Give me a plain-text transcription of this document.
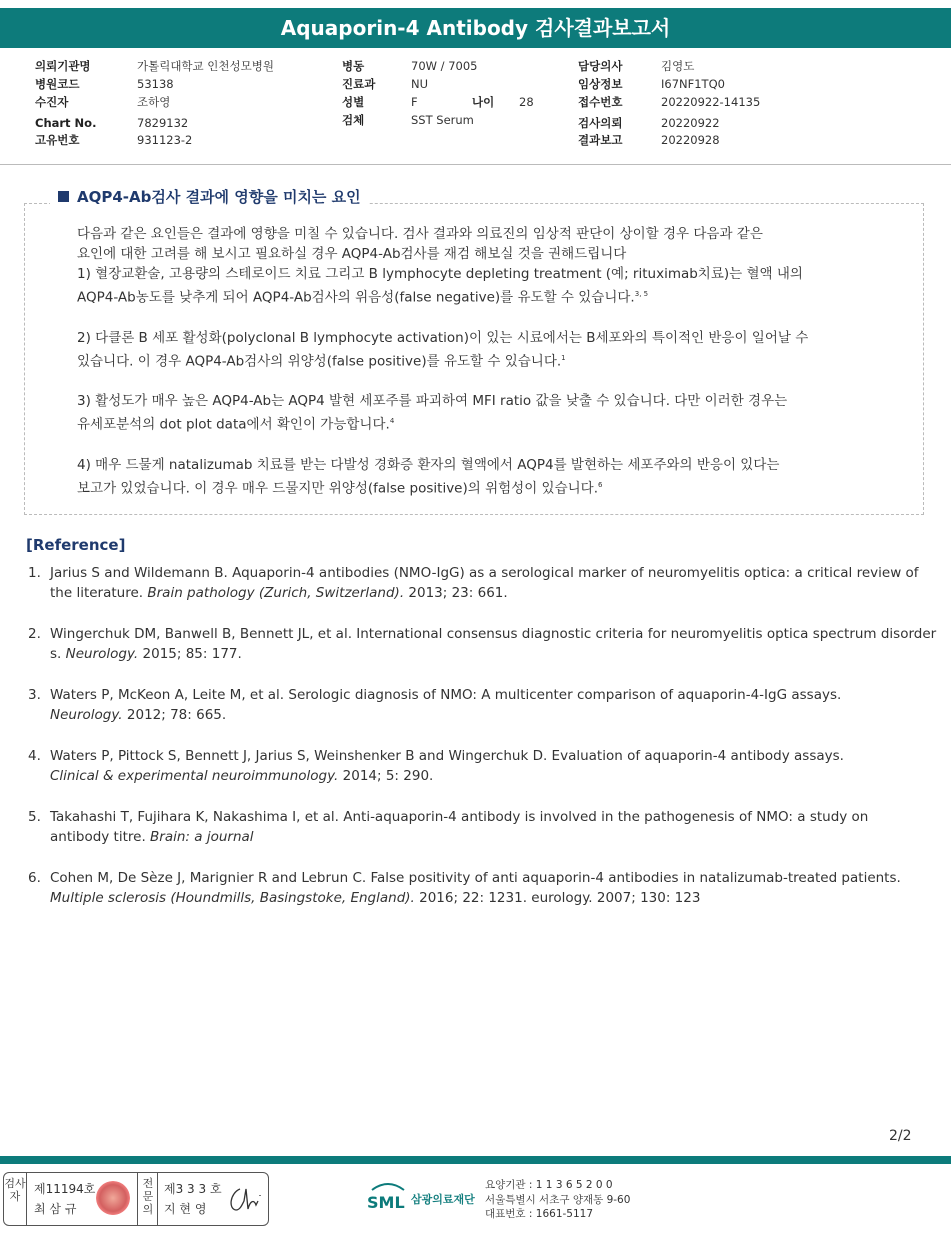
Aquaporin-4 Antibody 검사결과보고서
의뢰기관명	가톨릭대학교 인천성모병원
병원코드	53138
수진자	조하영
Chart No.	7829132
고유번호	931123-2
병동	70W / 7005
진료과	NU
성별	F	나이 28
검체	SST Serum
담당의사	김영도
임상정보	I67NF1TQ0
접수번호	20220922-14135
검사의뢰	20220922
결과보고	20220928
AQP4-Ab검사 결과에 영향을 미치는 요인

다음과 같은 요인들은 결과에 영향을 미칠 수 있습니다. 검사 결과와 의료진의 임상적 판단이 상이할 경우 다음과 같은

요인에 대한 고려를 해 보시고 필요하실 경우 AQP4-Ab검사를 재검 해보실 것을 권해드립니다

1) 혈장교환술, 고용량의 스테로이드 치료 그리고 B lymphocyte depleting treatment (예; rituximab치료)는 혈액 내의

AQP4-Ab농도를 낮추게 되어 AQP4-Ab검사의 위음성(false negative)를 유도할 수 있습니다.$^{3, 5}$

2) 다클론 B 세포 활성화(polyclonal B lymphocyte activation)이 있는 시료에서는 B세포와의 특이적인 반응이 일어날 수

있습니다. 이 경우 AQP4-Ab검사의 위양성(false positive)를 유도할 수 있습니다.$^1$

3) 활성도가 매우 높은 AQP4-Ab는 AQP4 발현 세포주를 파괴하여 MFI ratio 값을 낮출 수 있습니다. 다만 이러한 경우는

유세포분석의 dot plot data에서 확인이 가능합니다.$^4$

4) 매우 드물게 natalizumab 치료를 받는 다발성 경화증 환자의 혈액에서 AQP4를 발현하는 세포주와의 반응이 있다는

보고가 있었습니다. 이 경우 매우 드물지만 위양성(false positive)의 위험성이 있습니다.$^6$

[Reference]
1. Jarius S and Wildemann B. Aquaporin-4 antibodies (NMO-IgG) as a serological marker of neuromyelitis optica: a critical review of
the literature. Brain pathology (Zurich, Switzerland). 2013; 23: 661.
2. Wingerchuk DM, Banwell B, Bennett JL, et al. International consensus diagnostic criteria for neuromyelitis optica spectrum disorder
s. Neurology. 2015; 85: 177.
3. Waters P, McKeon A, Leite M, et al. Serologic diagnosis of NMO: A multicenter comparison of aquaporin-4-IgG assays.
Neurology. 2012; 78: 665.
4. Waters P, Pittock S, Bennett J, Jarius S, Weinshenker B and Wingerchuk D. Evaluation of aquaporin-4 antibody assays.
Clinical & experimental neuroimmunology. 2014; 5: 290.
5. Takahashi T, Fujihara K, Nakashima I, et al. Anti-aquaporin-4 antibody is involved in the pathogenesis of NMO: a study on
antibody titre. Brain: a journal
6. Cohen M, De Sèze J, Marignier R and Lebrun C. False positivity of anti aquaporin-4 antibodies in natalizumab-treated patients.
Multiple sclerosis (Houndmills, Basingstoke, England). 2016; 22: 1231. eurology. 2007; 130: 123
2/2
검사자
제11194호
최 삼 규
전문의
제3 3 3 호
지 현 영	SML 삼광의료재단
요양기관 : 1 1 3 6 5 2 0 0
서울특별시 서초구 양재동 9-60
대표번호 : 1661-5117
